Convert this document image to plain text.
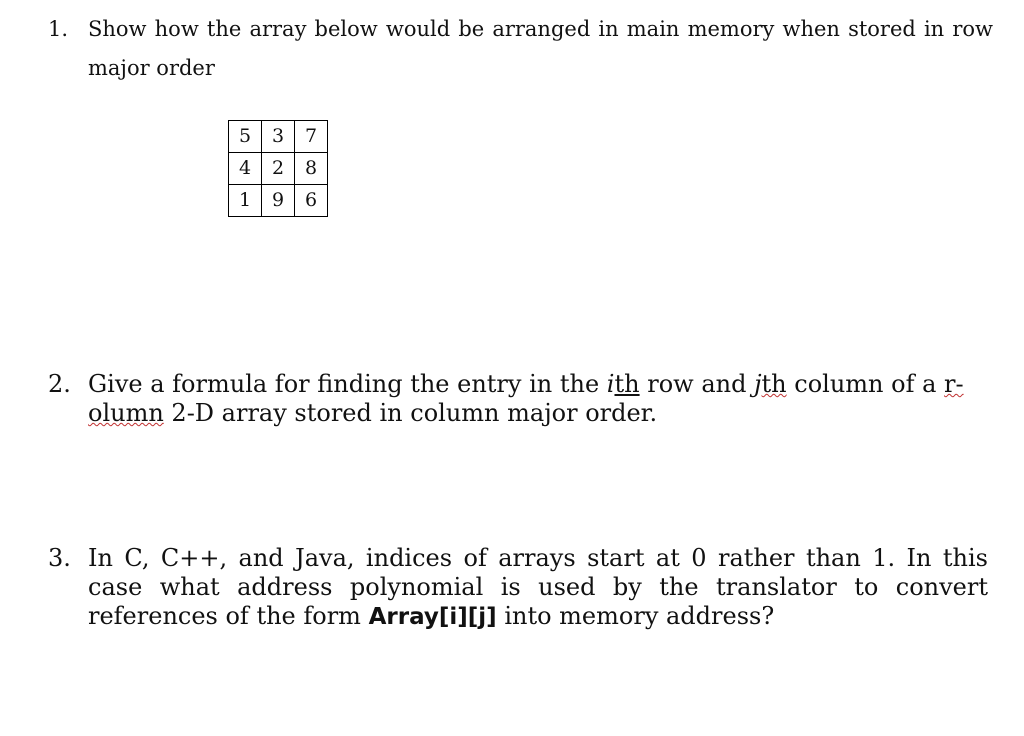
1. Show how the array below would be arranged in main memory when stored in row major order
5	3	7
4	2	8
1	9	6
2. Give a formula for finding the entry in the ith row and jth column of a r-
olumn 2-D array stored in column major order.
3. In C, C++, and Java, indices of arrays start at 0 rather than 1. In this case what address polynomial is used by the translator to convert references of the form Array[i][j] into memory address?
